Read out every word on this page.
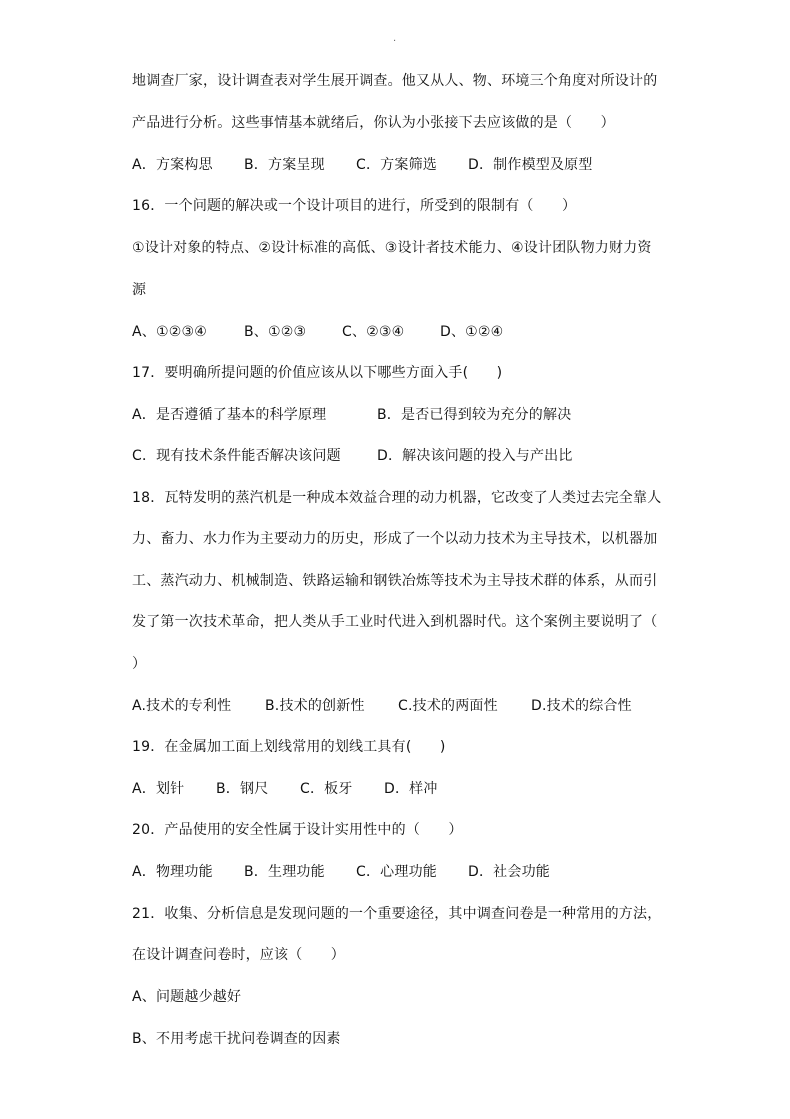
.
地调查厂家，设计调查表对学生展开调查。他又从人、物、环境三个角度对所设计的
产品进行分析。这些事情基本就绪后，你认为小张接下去应该做的是（　　）
A．方案构思 B．方案呈现 C．方案筛选 D．制作模型及原型
16．一个问题的解决或一个设计项目的进行，所受到的限制有（　　）
①设计对象的特点、②设计标准的高低、③设计者技术能力、④设计团队物力财力资
源
A、①②③④	B、①②③	C、②③④	D、①②④
17．要明确所提问题的价值应该从以下哪些方面入手(　　)
A．是否遵循了基本的科学原理	B．是否已得到较为充分的解决
C．现有技术条件能否解决该问题	D．解决该问题的投入与产出比
18．瓦特发明的蒸汽机是一种成本效益合理的动力机器，它改变了人类过去完全靠人
力、畜力、水力作为主要动力的历史，形成了一个以动力技术为主导技术，以机器加
工、蒸汽动力、机械制造、铁路运输和钢铁冶炼等技术为主导技术群的体系，从而引
发了第一次技术革命，把人类从手工业时代进入到机器时代。这个案例主要说明了（
）
A.技术的专利性 B.技术的创新性 C.技术的两面性 D.技术的综合性
19．在金属加工面上划线常用的划线工具有(　　)
A．划针 B．钢尺 C．板牙 D．样冲
20．产品使用的安全性属于设计实用性中的（　　）
A．物理功能 B．生理功能 C．心理功能 D．社会功能
21．收集、分析信息是发现问题的一个重要途径，其中调查问卷是一种常用的方法，
在设计调查问卷时，应该（　　）
A、问题越少越好
B、不用考虑干扰问卷调查的因素
